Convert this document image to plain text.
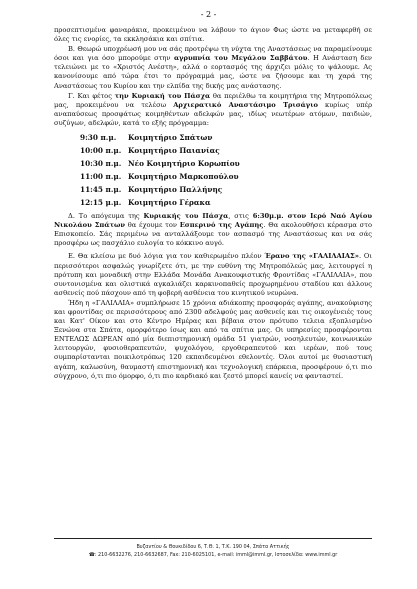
- 2 -

προσεπτισμένα φαναράκια, προκειμένου να λάβουν το άγιον Φως ώστε να μεταφερθή σε όλες τις ενορίες, τα εκκλησάκια και σπίτια.

Β. Θεωρώ υποχρέωσή μου να σάς προτρέψω τη νύχτα της Αναστάσεως να παραμείνουμε όσοι και για όσο μπορούμε στην αγρυπνία του Μεγάλου Σαββάτου. Η Ανάσταση δεν τελειώνει με το «Χριστός Ανέστη», αλλά ο εορτασμός της άρχιζει μόλις το ψάλουμε. Ας κανονίσουμε από τώρα έτσι το πρόγραμμά μας, ώστε να ζήσουμε και τη χαρά της Αναστάσεως του Κυρίου και την ελπίδα της δικής μας ανάστασης.

Γ. Και φέτος την Κυριακή του Πάσχα θα περιέλθω τα κοιμητήρια της Μητροπόλεως μας, προκειμένου να τελέσω Αρχιερατικό Αναστάσιμο Τρισάγιο κυρίως υπέρ αναπαύσεως προσφάτως κοιμηθέντων αδελφών μας, ιδίως νεωτέρων ατόμων, παιδιών, συζύγων, αδελφών, κατά το εξής πρόγραμμα:

9:30 π.μ.	Κοιμητήριο Σπάτων
10:00 π.μ. Κοιμητήριο Παιανίας
10:30 π.μ. Νέο Κοιμητήριο Κορωπίου
11:00 π.μ. Κοιμητήριο Μαρκοπούλου
11:45 π.μ. Κοιμητήριο Παλλήνης
12:15 μ.μ. Κοιμητήριο Γέρακα

Δ. Το απόγευμα της Κυριακής του Πάσχα, στις 6:30μ.μ. στον Ιερό Ναό Αγίου Νικολάου Σπάτων θα έχουμε τον Εσπερινό της Αγάπης. Θα ακολουθήσει κέρασμα στο Επισκοπείο. Σάς περιμένω να ανταλλάξουμε τον ασπασμό της Αναστάσεως και να σάς προσφέρω ως πασχάλιο ευλογία το κόκκινο αυγό.

Ε. Θα κλείσω με δυό λόγια για τον καθιερωμένο πλέον Έρανο της «ΓΑΛΙΛΑΙΑΣ». Οι περισσότεροι ασφαλώς γνωρίζετε ότι, με την ευθύνη της Μητροπόλεώς μας, λειτουργεί η πρότυπη και μοναδική στην Ελλάδα Μονάδα Ανακουφιστικής Φροντίδας «ΓΑΛΙΛΑΙΑ», που συντονισμένα και ολιστικά αγκαλιάζει καρκινοπαθείς προχωρημένου σταδίου και άλλους ασθενείς πού πάσχουν από τη φοβερή ασθένεια του κινητικού νευρώνα.

Ήδη η «ΓΑΛΙΛΑΙΑ» συμπλήρωσε 15 χρόνια αδιάκοπης προσφοράς αγάπης, ανακούφισης και φροντίδας σε περισσότερους από 2300 αδελφούς μας ασθενείς και τις οικογένειές τους και Κατ' Οίκον και στο Κέντρο Ημέρας και βέβαια στον πρότυπο τελεια εξοπλισμένο Ξενώνα στα Σπάτα, ομορφότερο ίσως και από τα σπίτια μας. Οι υπηρεσίες προσφέρονται ΕΝΤΕΛΩΣ ΔΩΡΕΑΝ από μία διεπιστημονική ομάδα 51 γιατρών, νοσηλευτών, κοινωνικών λειτουργών, φυσιοθεραπευτών, ψυχολόγου, εργοθεραπευτού και ιερέων, πού τους συμπαρίστανται ποικιλοτρόπως 120 εκπαιδευμένοι εθελοντές. Όλοι αυτοί με θυσιαστική αγάπη, καλωσύνη, θαυμαστή επιστημονική και τεχνολογική επάρκεια, προσφέρουν ό,τι πιο σύγχρονο, ό,τι πιο όμορφο, ό,τι πιο καρδιακό και ζεστό μπορεί κανείς να φανταστεί.

Βυζαντίου & Θουκιδίδου 6, Τ.Θ. 1, Τ.Κ. 190 04, Σπάτα Αττικής
☎: 210-6632276, 210-6632687, Fax: 210-6025101, e-mail: imml@imml.gr, Ιστοσελίδα: www.imml.gr
